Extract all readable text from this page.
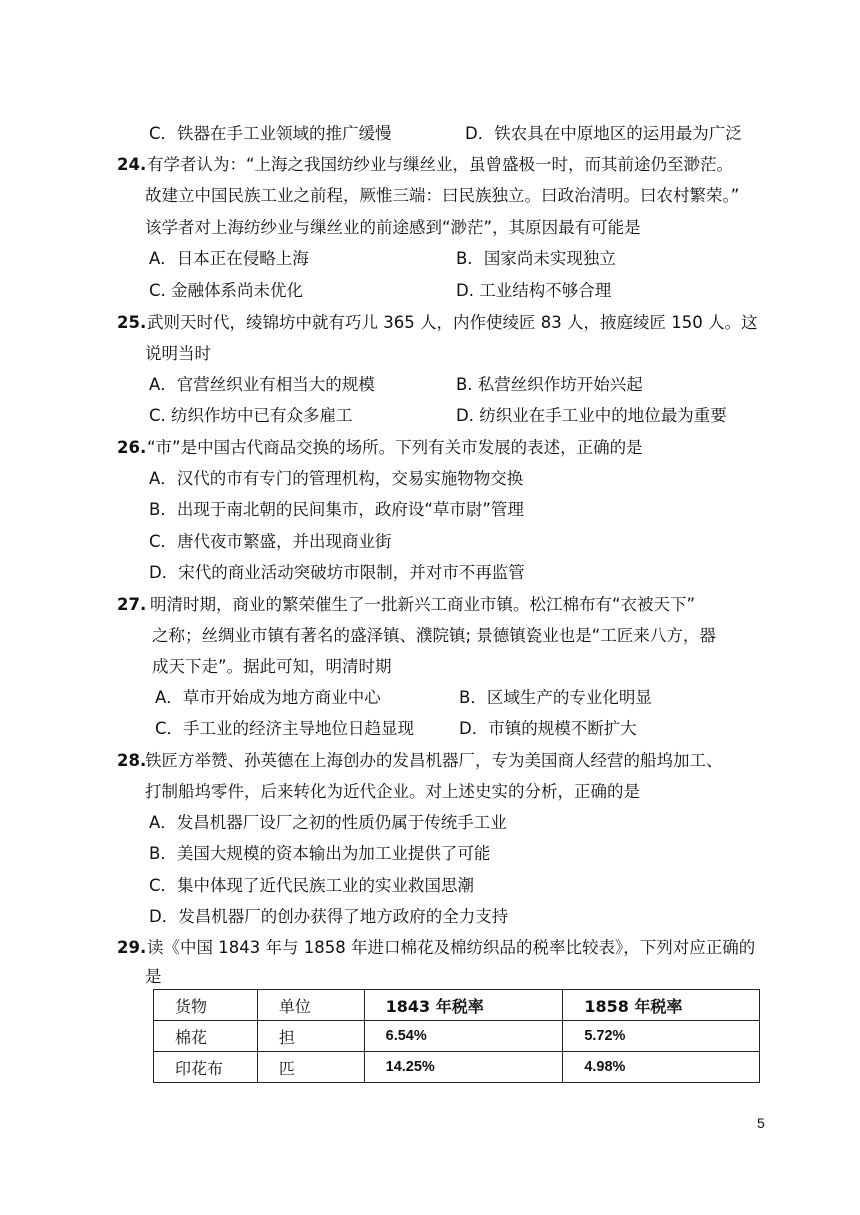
C．铁器在手工业领域的推广缓慢	D．铁农具在中原地区的运用最为广泛
24.有学者认为：“上海之我国纺纱业与缫丝业，虽曾盛极一时，而其前途仍至渺茫。
故建立中国民族工业之前程，厥惟三端：曰民族独立。曰政治清明。曰农村繁荣。”
该学者对上海纺纱业与缫丝业的前途感到“渺茫”，其原因最有可能是
A．日本正在侵略上海	B．国家尚未实现独立
C. 金融体系尚未优化	D. 工业结构不够合理
25.武则天时代，绫锦坊中就有巧儿 365 人，内作使绫匠 83 人，掖庭绫匠 150 人。这
说明当时
A．官营丝织业有相当大的规模	B. 私营丝织作坊开始兴起
C. 纺织作坊中已有众多雇工	D. 纺织业在手工业中的地位最为重要
26.“市”是中国古代商品交换的场所。下列有关市发展的表述，正确的是
A．汉代的市有专门的管理机构，交易实施物物交换
B．出现于南北朝的民间集市，政府设“草市尉”管理
C．唐代夜市繁盛，并出现商业街
D．宋代的商业活动突破坊市限制，并对市不再监管
27. 明清时期，商业的繁荣催生了一批新兴工商业市镇。松江棉布有“衣被天下”
之称；丝绸业市镇有著名的盛泽镇、濮院镇; 景德镇瓷业也是“工匠来八方，器
成天下走”。据此可知，明清时期
A．草市开始成为地方商业中心	B．区域生产的专业化明显
C．手工业的经济主导地位日趋显现	D．市镇的规模不断扩大
28.铁匠方举赞、孙英德在上海创办的发昌机器厂，专为美国商人经营的船坞加工、
打制船坞零件，后来转化为近代企业。对上述史实的分析，正确的是
A．发昌机器厂设厂之初的性质仍属于传统手工业
B．美国大规模的资本输出为加工业提供了可能
C．集中体现了近代民族工业的实业救国思潮
D．发昌机器厂的创办获得了地方政府的全力支持
29.读《中国 1843 年与 1858 年进口棉花及棉纺织品的税率比较表》，下列对应正确的
是
货物	单位	1843 年税率	1858 年税率
棉花	担	6.54%	5.72%
印花布	匹	14.25%	4.98%
5
